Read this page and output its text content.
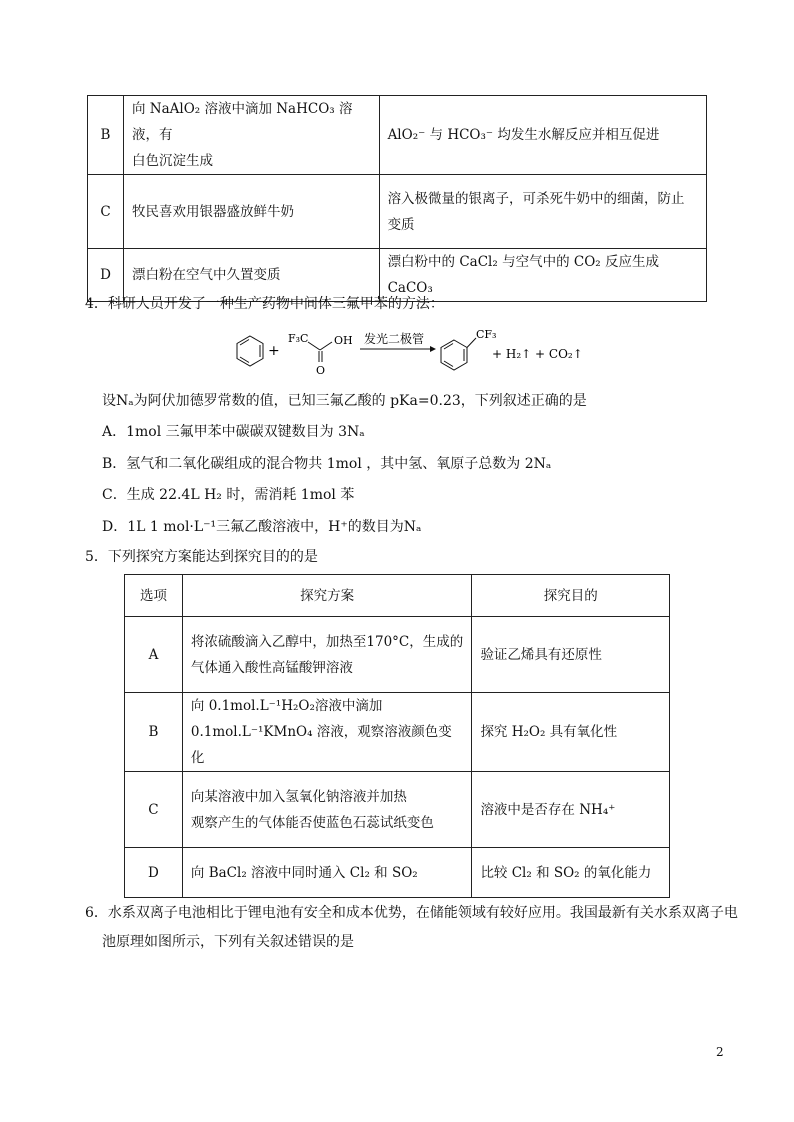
B	向 NaAlO₂ 溶液中滴加 NaHCO₃ 溶液，有
白色沉淀生成	AlO₂⁻ 与 HCO₃⁻ 均发生水解反应并相互促进
C	牧民喜欢用银器盛放鲜牛奶	溶入极微量的银离子，可杀死牛奶中的细菌，防止
变质

D	漂白粉在空气中久置变质	漂白粉中的 CaCl₂ 与空气中的 CO₂ 反应生成 CaCO₃
4．科研人员开发了一种生产药物中间体三氟甲苯的方法：
+
F₃C OH
O
发光二极管	CF₃
+ H₂↑ + CO₂↑
设Nₐ为阿伏加德罗常数的值，已知三氟乙酸的 pKa=0.23，下列叙述正确的是
A．1mol 三氟甲苯中碳碳双键数目为 3Nₐ
B．氢气和二氧化碳组成的混合物共 1mol ，其中氢、氧原子总数为 2Nₐ
C．生成 22.4L H₂ 时，需消耗 1mol 苯
D．1L 1 mol·L⁻¹三氟乙酸溶液中，H⁺的数目为Nₐ
5．下列探究方案能达到探究目的的是
选项	探究方案	探究目的
A	将浓硫酸滴入乙醇中，加热至170°C，生成的
气体通入酸性高锰酸钾溶液	验证乙烯具有还原性
B	向 0.1mol.L⁻¹H₂O₂溶液中滴加
0.1mol.L⁻¹KMnO₄ 溶液，观察溶液颜色变化	探究 H₂O₂ 具有氧化性
C	向某溶液中加入氢氧化钠溶液并加热
观察产生的气体能否使蓝色石蕊试纸变色	溶液中是否存在 NH₄⁺
D	向 BaCl₂ 溶液中同时通入 Cl₂ 和 SO₂	比较 Cl₂ 和 SO₂ 的氧化能力
6．水系双离子电池相比于锂电池有安全和成本优势，在储能领域有较好应用。我国最新有关水系双离子电
池原理如图所示，下列有关叙述错误的是
2
